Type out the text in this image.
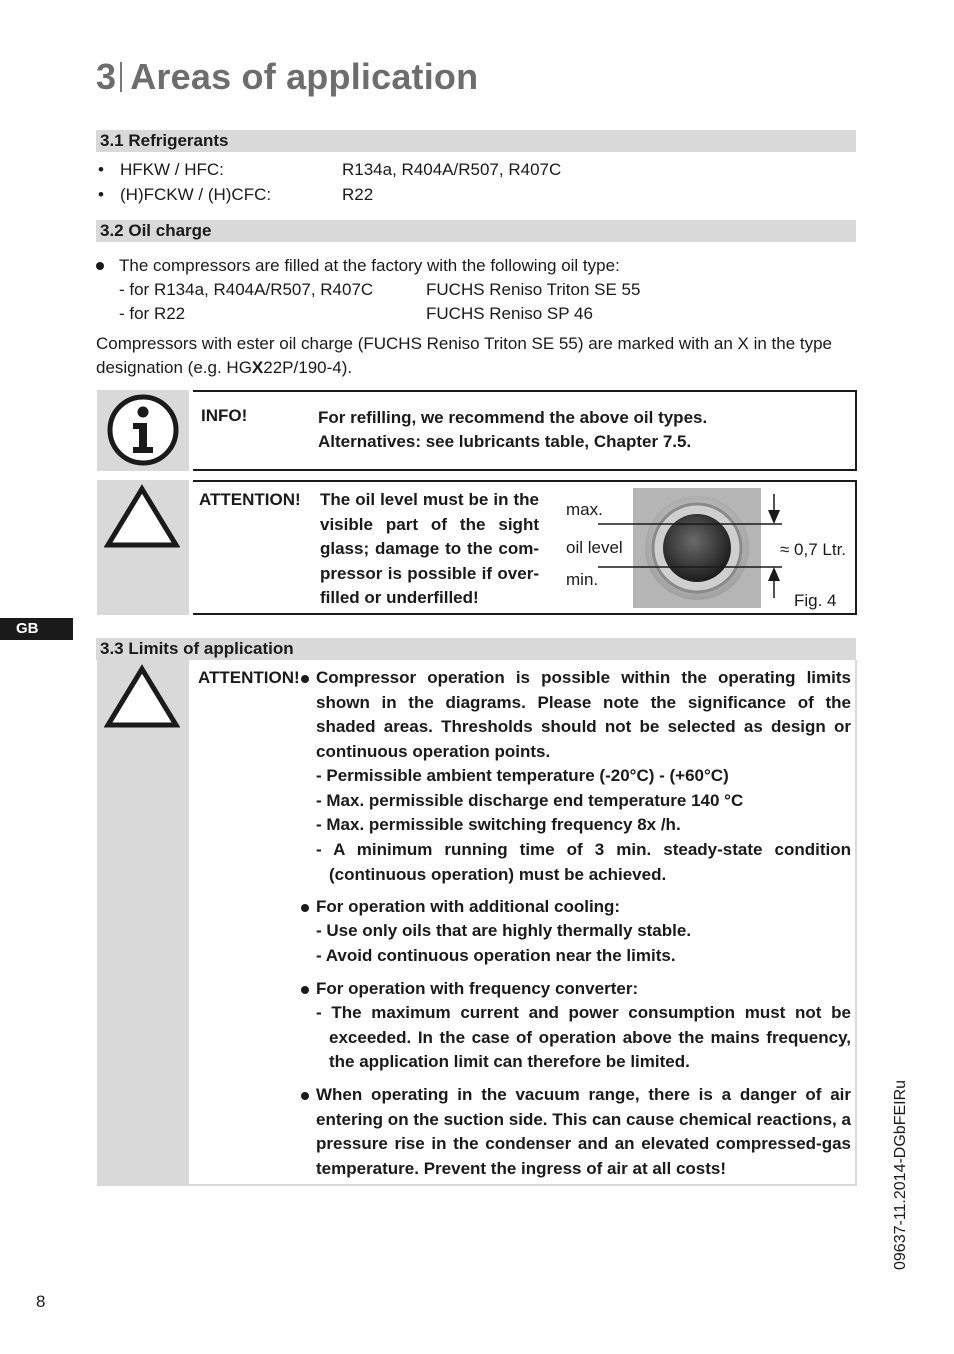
3 Areas of application
3.1 Refrigerants
• HFKW / HFC:	R134a, R404A/R507, R407C
• (H)FCKW / (H)CFC:	R22
3.2 Oil charge
The compressors are filled at the factory with the following oil type:
- for R134a, R404A/R507, R407C	FUCHS Reniso Triton SE 55
- for R22	FUCHS Reniso SP 46
Compressors with ester oil charge (FUCHS Reniso Triton SE 55) are marked with an X in the type
designation (e.g. HGX22P/190-4).
INFO!	For refilling, we recommend the above oil types.
Alternatives: see lubricants table, Chapter 7.5.
ATTENTION! The oil level must be in the
visible part of the sight
glass; damage to the com-
pressor is possible if over-
filled or underfilled!
max.
oil level
min.
≈ 0,7 Ltr.
Fig. 4
GB
3.3 Limits of application
ATTENTION! Compressor operation is possible within the operating limits shown in the diagrams. Please note the significance of the shaded areas. Thresholds should not be selected as design or continuous operation points.
- Permissible ambient temperature (-20°C) - (+60°C)
- Max. permissible discharge end temperature 140 °C
- Max. permissible switching frequency 8x /h.
- A minimum running time of 3 min. steady-state condition (continuous operation) must be achieved.
For operation with additional cooling:
- Use only oils that are highly thermally stable.
- Avoid continuous operation near the limits.
For operation with frequency converter:
- The maximum current and power consumption must not be exceeded. In the case of operation above the mains frequency, the application limit can therefore be limited.
When operating in the vacuum range, there is a danger of air entering on the suction side. This can cause chemical reactions, a pressure rise in the condenser and an elevated compressed-gas temperature. Prevent the ingress of air at all costs!
8
09637-11.2014-DGbFEIRu
